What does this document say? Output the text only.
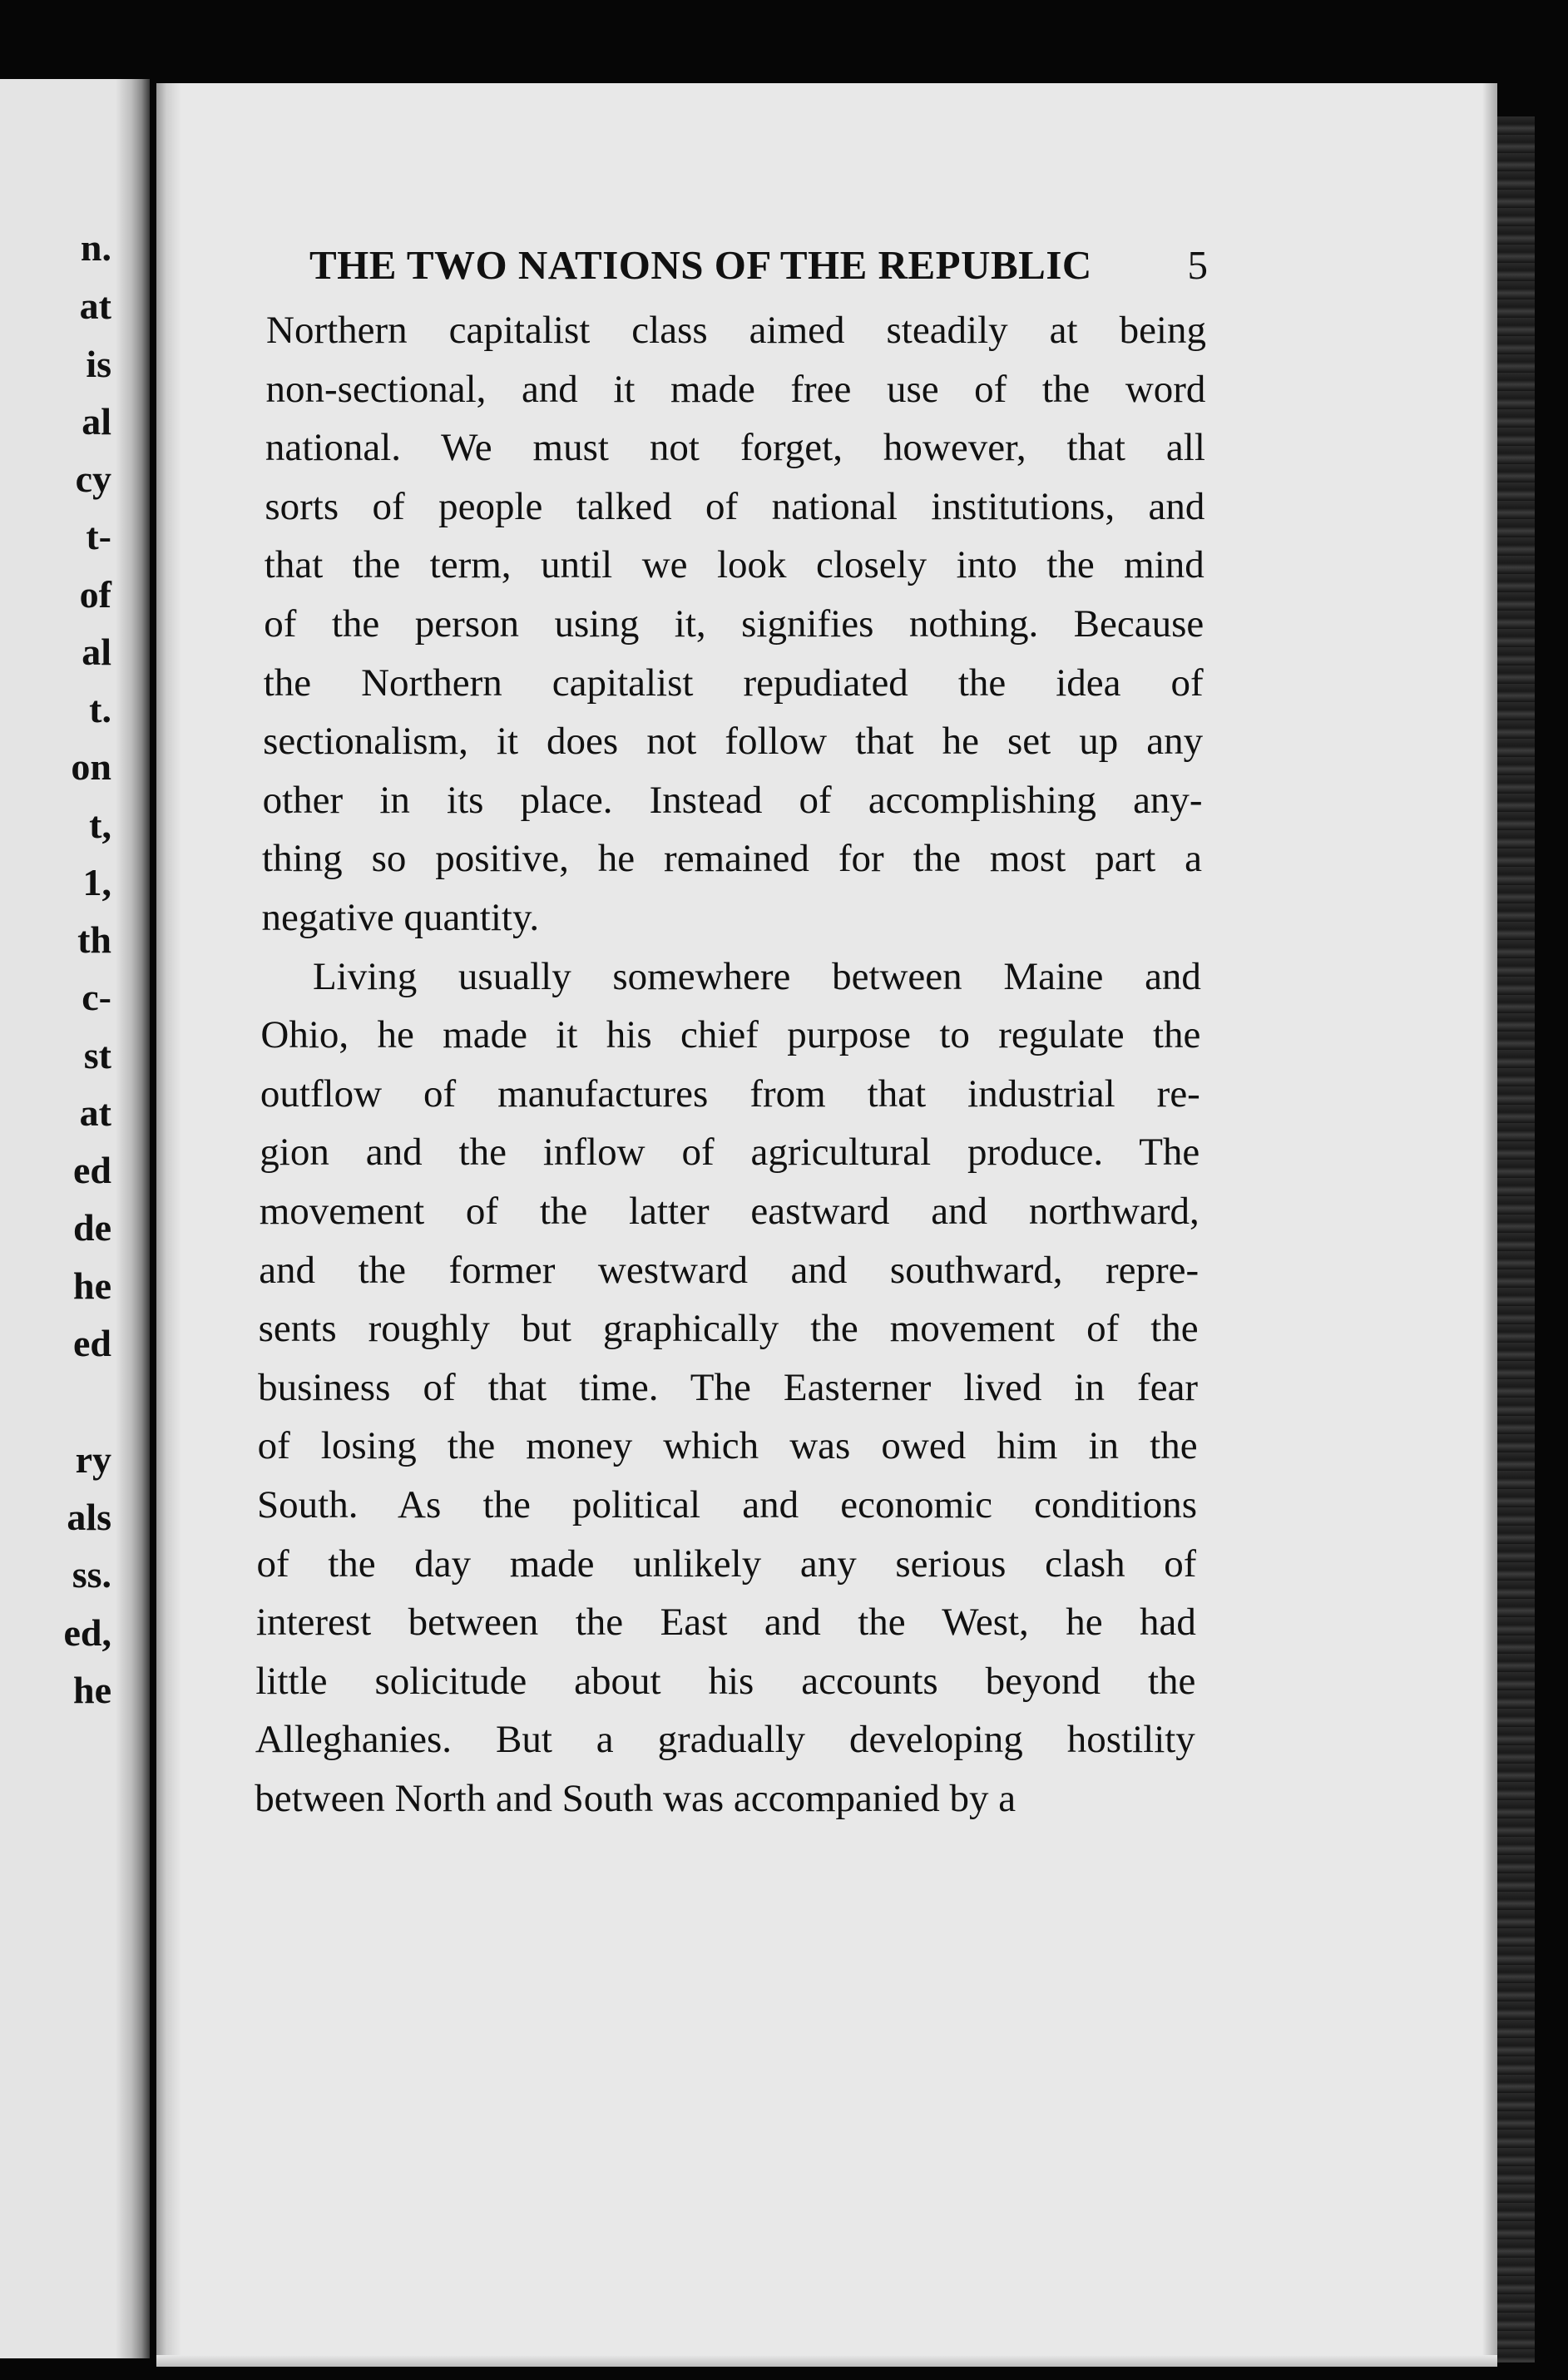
n.
at
is
al
cy
t-
of
al
t.
on
t,
1,
th
c-
st
at
ed
de
he
ed
ry
als
ss.
ed,
he
THE TWO NATIONS OF THE REPUBLIC 5
Northern capitalist class aimed steadily at being
non-sectional, and it made free use of the word
national. We must not forget, however, that all
sorts of people talked of national institutions, and
that the term, until we look closely into the mind
of the person using it, signifies nothing. Because
the Northern capitalist repudiated the idea of
sectionalism, it does not follow that he set up any
other in its place. Instead of accomplishing any-
thing so positive, he remained for the most part a
negative quantity.
Living usually somewhere between Maine and
Ohio, he made it his chief purpose to regulate the
outflow of manufactures from that industrial re-
gion and the inflow of agricultural produce. The
movement of the latter eastward and northward,
and the former westward and southward, repre-
sents roughly but graphically the movement of the
business of that time. The Easterner lived in fear
of losing the money which was owed him in the
South. As the political and economic conditions
of the day made unlikely any serious clash of
interest between the East and the West, he had
little solicitude about his accounts beyond the
Alleghanies. But a gradually developing hostility
between North and South was accompanied by a
